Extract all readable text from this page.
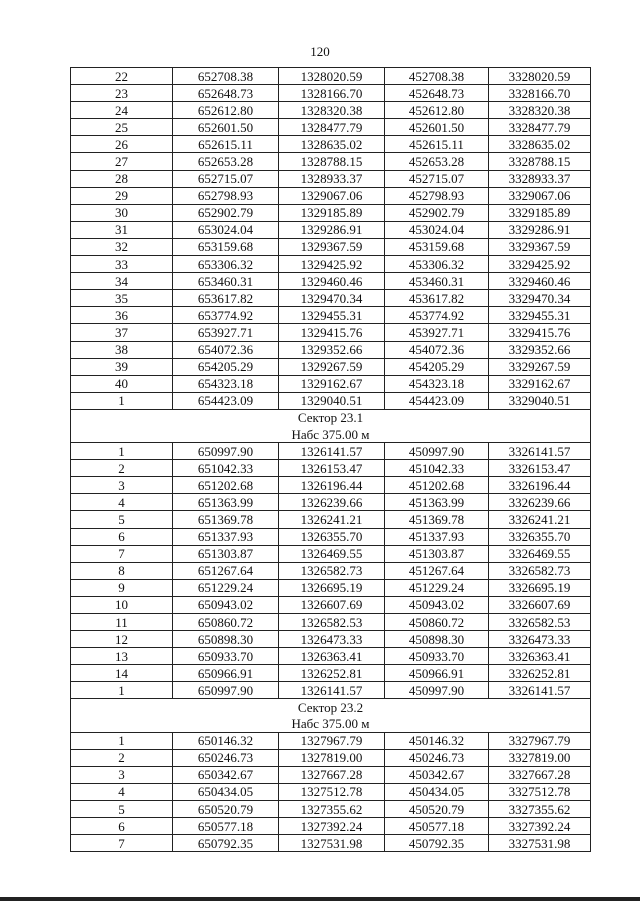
120
22	652708.38	1328020.59	452708.38	3328020.59
23	652648.73	1328166.70	452648.73	3328166.70
24	652612.80	1328320.38	452612.80	3328320.38
25	652601.50	1328477.79	452601.50	3328477.79
26	652615.11	1328635.02	452615.11	3328635.02
27	652653.28	1328788.15	452653.28	3328788.15
28	652715.07	1328933.37	452715.07	3328933.37
29	652798.93	1329067.06	452798.93	3329067.06
30	652902.79	1329185.89	452902.79	3329185.89
31	653024.04	1329286.91	453024.04	3329286.91
32	653159.68	1329367.59	453159.68	3329367.59
33	653306.32	1329425.92	453306.32	3329425.92
34	653460.31	1329460.46	453460.31	3329460.46
35	653617.82	1329470.34	453617.82	3329470.34
36	653774.92	1329455.31	453774.92	3329455.31
37	653927.71	1329415.76	453927.71	3329415.76
38	654072.36	1329352.66	454072.36	3329352.66
39	654205.29	1329267.59	454205.29	3329267.59
40	654323.18	1329162.67	454323.18	3329162.67
1	654423.09	1329040.51	454423.09	3329040.51
Сектор 23.1				
Набс 375.00 м				
1	650997.90	1326141.57	450997.90	3326141.57
2	651042.33	1326153.47	451042.33	3326153.47
3	651202.68	1326196.44	451202.68	3326196.44
4	651363.99	1326239.66	451363.99	3326239.66
5	651369.78	1326241.21	451369.78	3326241.21
6	651337.93	1326355.70	451337.93	3326355.70
7	651303.87	1326469.55	451303.87	3326469.55
8	651267.64	1326582.73	451267.64	3326582.73
9	651229.24	1326695.19	451229.24	3326695.19
10	650943.02	1326607.69	450943.02	3326607.69
11	650860.72	1326582.53	450860.72	3326582.53
12	650898.30	1326473.33	450898.30	3326473.33
13	650933.70	1326363.41	450933.70	3326363.41
14	650966.91	1326252.81	450966.91	3326252.81
1	650997.90	1326141.57	450997.90	3326141.57
Сектор 23.2				
Набс 375.00 м				
1	650146.32	1327967.79	450146.32	3327967.79
2	650246.73	1327819.00	450246.73	3327819.00
3	650342.67	1327667.28	450342.67	3327667.28
4	650434.05	1327512.78	450434.05	3327512.78
5	650520.79	1327355.62	450520.79	3327355.62
6	650577.18	1327392.24	450577.18	3327392.24
7	650792.35	1327531.98	450792.35	3327531.98
